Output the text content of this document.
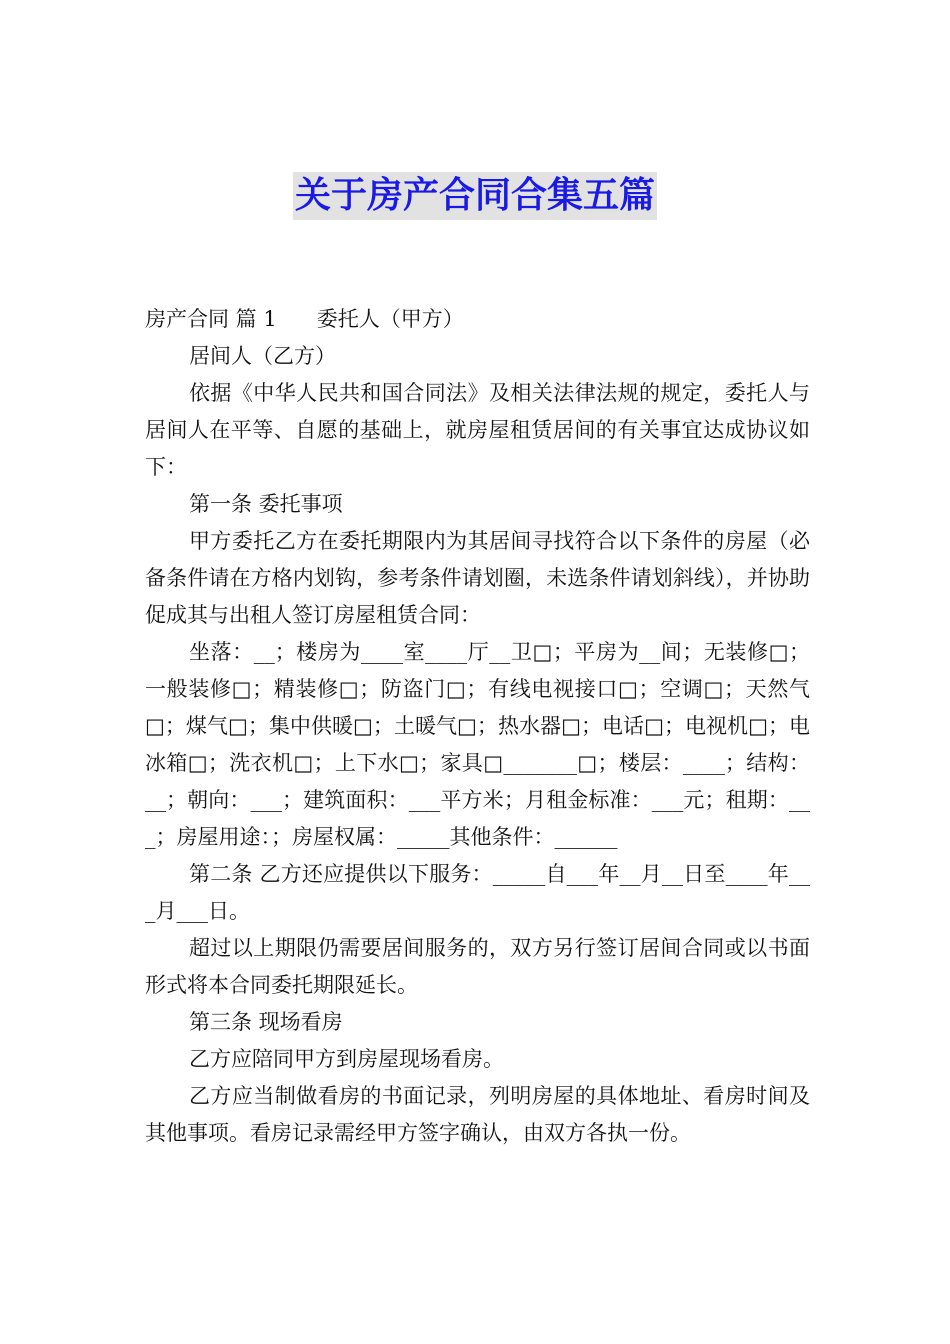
关于房产合同合集五篇

房产合同 篇 1 委托人（甲方）

居间人（乙方）

依据《中华人民共和国合同法》及相关法律法规的规定，委托人与居间人在平等、自愿的基础上，就房屋租赁居间的有关事宜达成协议如下：

第一条 委托事项

甲方委托乙方在委托期限内为其居间寻找符合以下条件的房屋（必备条件请在方格内划钩，参考条件请划圈，未选条件请划斜线），并协助促成其与出租人签订房屋租赁合同：

坐落：__；楼房为____室____厅__卫□；平房为__间；无装修□；一般装修□；精装修□；防盗门□；有线电视接口□；空调□；天然气□；煤气□；集中供暖□；土暖气□；热水器□；电话□；电视机□；电冰箱□；洗衣机□；上下水□；家具□_______□；楼层：____；结构：__；朝向：___；建筑面积：___平方米；月租金标准：___元；租期：___；房屋用途：；房屋权属：_____其他条件：______

第二条 乙方还应提供以下服务：_____自___年__月__日至____年___月___日。

超过以上期限仍需要居间服务的，双方另行签订居间合同或以书面形式将本合同委托期限延长。

第三条 现场看房

乙方应陪同甲方到房屋现场看房。

乙方应当制做看房的书面记录，列明房屋的具体地址、看房时间及其他事项。看房记录需经甲方签字确认，由双方各执一份。
